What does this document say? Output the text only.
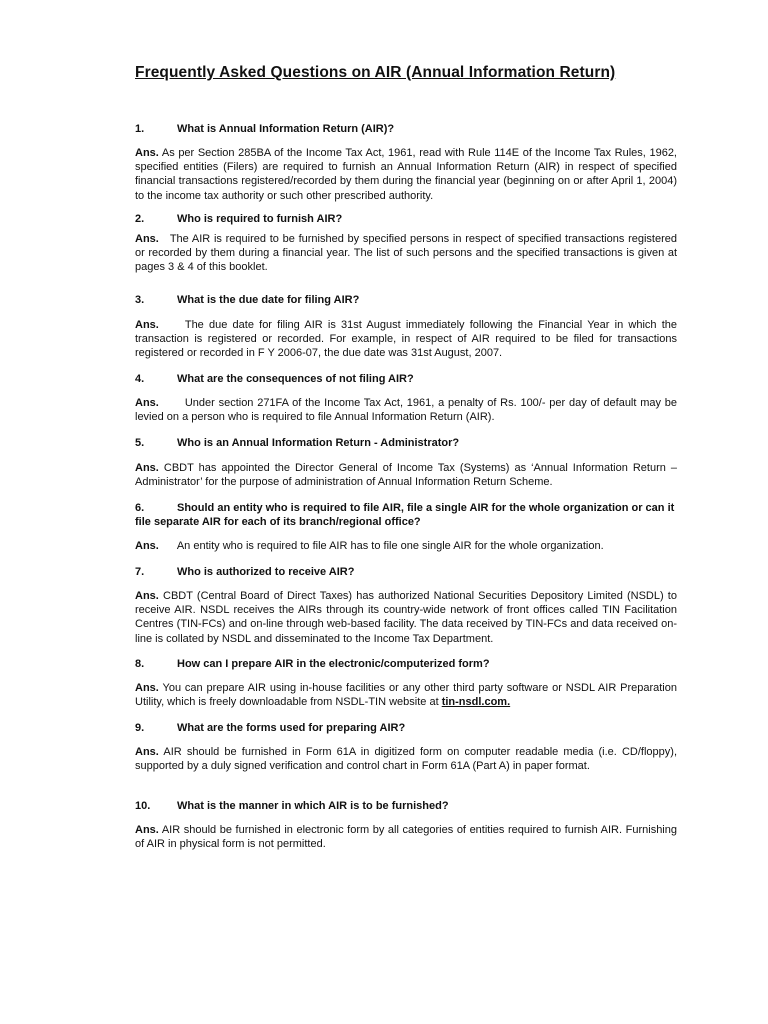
Frequently Asked Questions on AIR (Annual Information Return)
1.	What is Annual Information Return (AIR)?
Ans. As per Section 285BA of the Income Tax Act, 1961, read with Rule 114E of the Income Tax Rules, 1962, specified entities (Filers) are required to furnish an Annual Information Return (AIR) in respect of specified financial transactions registered/recorded by them during the financial year (beginning on or after April 1, 2004) to the income tax authority or such other prescribed authority.
2.	Who is required to furnish AIR?
Ans. The AIR is required to be furnished by specified persons in respect of specified transactions registered or recorded by them during a financial year. The list of such persons and the specified transactions is given at pages 3 & 4 of this booklet.
3.	What is the due date for filing AIR?
Ans. The due date for filing AIR is 31st August immediately following the Financial Year in which the transaction is registered or recorded. For example, in respect of AIR required to be filed for transactions registered or recorded in F Y 2006-07, the due date was 31st August, 2007.
4.	What are the consequences of not filing AIR?
Ans. Under section 271FA of the Income Tax Act, 1961, a penalty of Rs. 100/- per day of default may be levied on a person who is required to file Annual Information Return (AIR).
5.	Who is an Annual Information Return - Administrator?
Ans. CBDT has appointed the Director General of Income Tax (Systems) as ‘Annual Information Return – Administrator’ for the purpose of administration of Annual Information Return Scheme.
6.	Should an entity who is required to file AIR, file a single AIR for the whole organization or can it file separate AIR for each of its branch/regional office?
Ans. An entity who is required to file AIR has to file one single AIR for the whole organization.
7.	Who is authorized to receive AIR?
Ans. CBDT (Central Board of Direct Taxes) has authorized National Securities Depository Limited (NSDL) to receive AIR. NSDL receives the AIRs through its country-wide network of front offices called TIN Facilitation Centres (TIN-FCs) and on-line through web-based facility. The data received by TIN-FCs and data received on-line is collated by NSDL and disseminated to the Income Tax Department.
8.	How can I prepare AIR in the electronic/computerized form?
Ans. You can prepare AIR using in-house facilities or any other third party software or NSDL AIR Preparation Utility, which is freely downloadable from NSDL-TIN website at tin-nsdl.com.
9.	What are the forms used for preparing AIR?
Ans. AIR should be furnished in Form 61A in digitized form on computer readable media (i.e. CD/floppy), supported by a duly signed verification and control chart in Form 61A (Part A) in paper format.
10. What is the manner in which AIR is to be furnished?
Ans. AIR should be furnished in electronic form by all categories of entities required to furnish AIR. Furnishing of AIR in physical form is not permitted.
